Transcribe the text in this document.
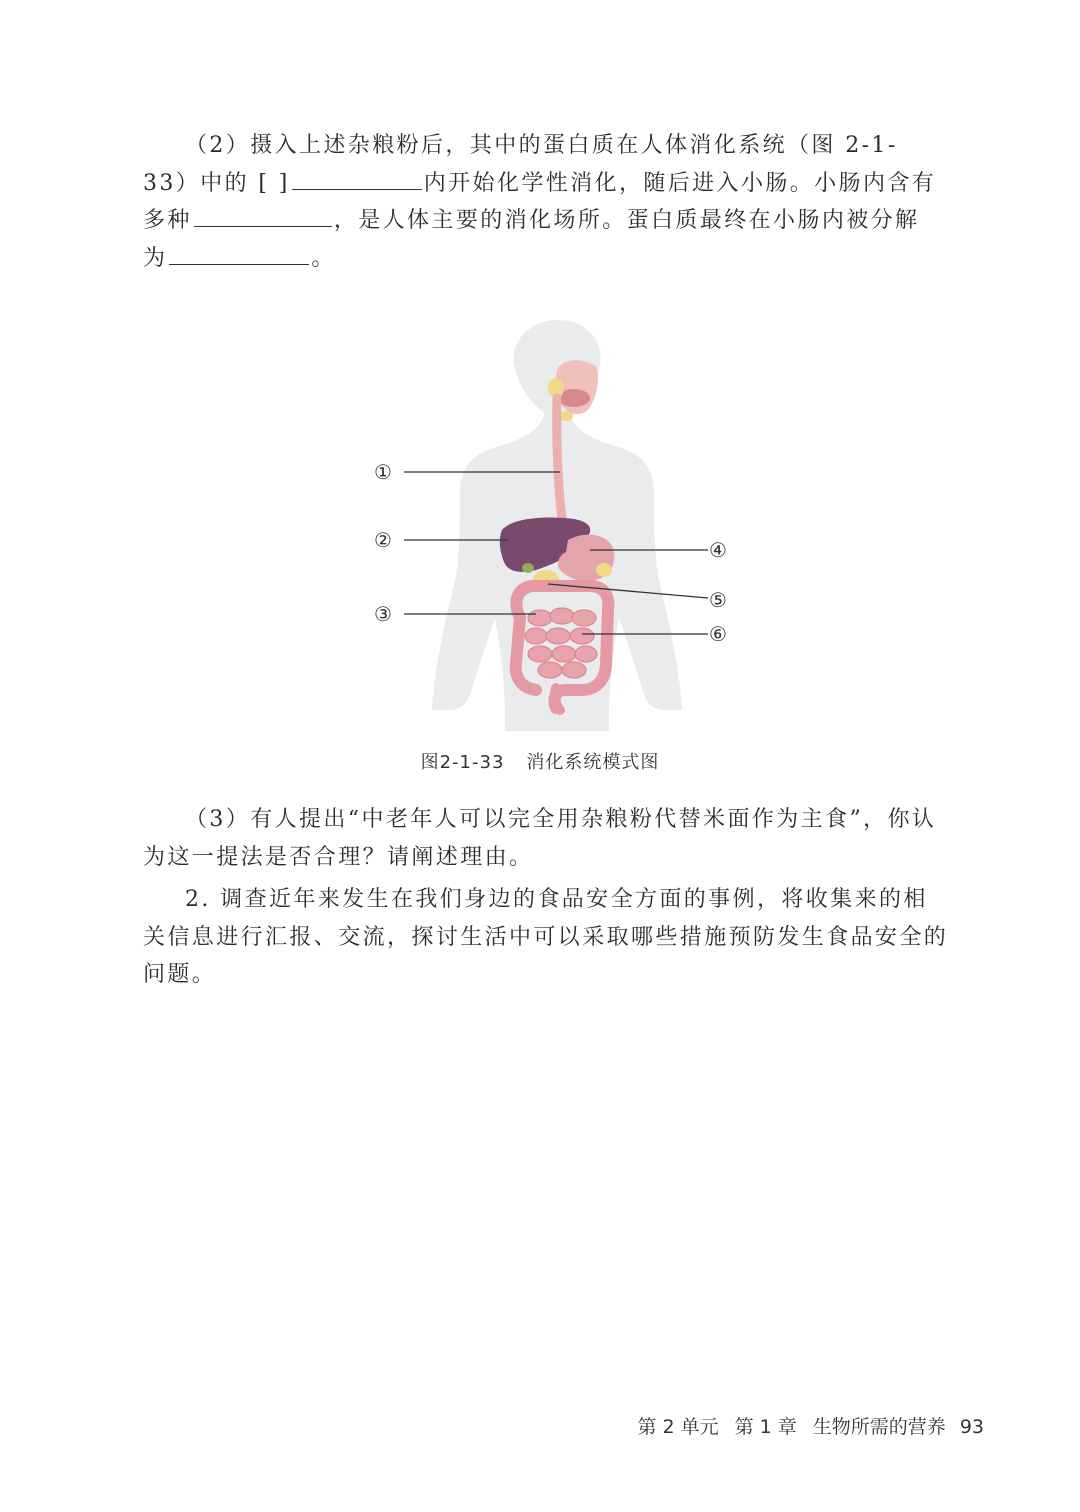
（2）摄入上述杂粮粉后，其中的蛋白质在人体消化系统（图 2-1-
33）中的 [ ]	内开始化学性消化，随后进入小肠。小肠内含有
多种	，是人体主要的消化场所。蛋白质最终在小肠内被分解
为	。
①
②
③
④
⑤
⑥
图2-1-33 消化系统模式图
（3）有人提出“中老年人可以完全用杂粮粉代替米面作为主食”，你认
为这一提法是否合理？请阐述理由。
2. 调查近年来发生在我们身边的食品安全方面的事例，将收集来的相
关信息进行汇报、交流，探讨生活中可以采取哪些措施预防发生食品安全的
问题。
第 2 单元 第 1 章 生物所需的营养 93
